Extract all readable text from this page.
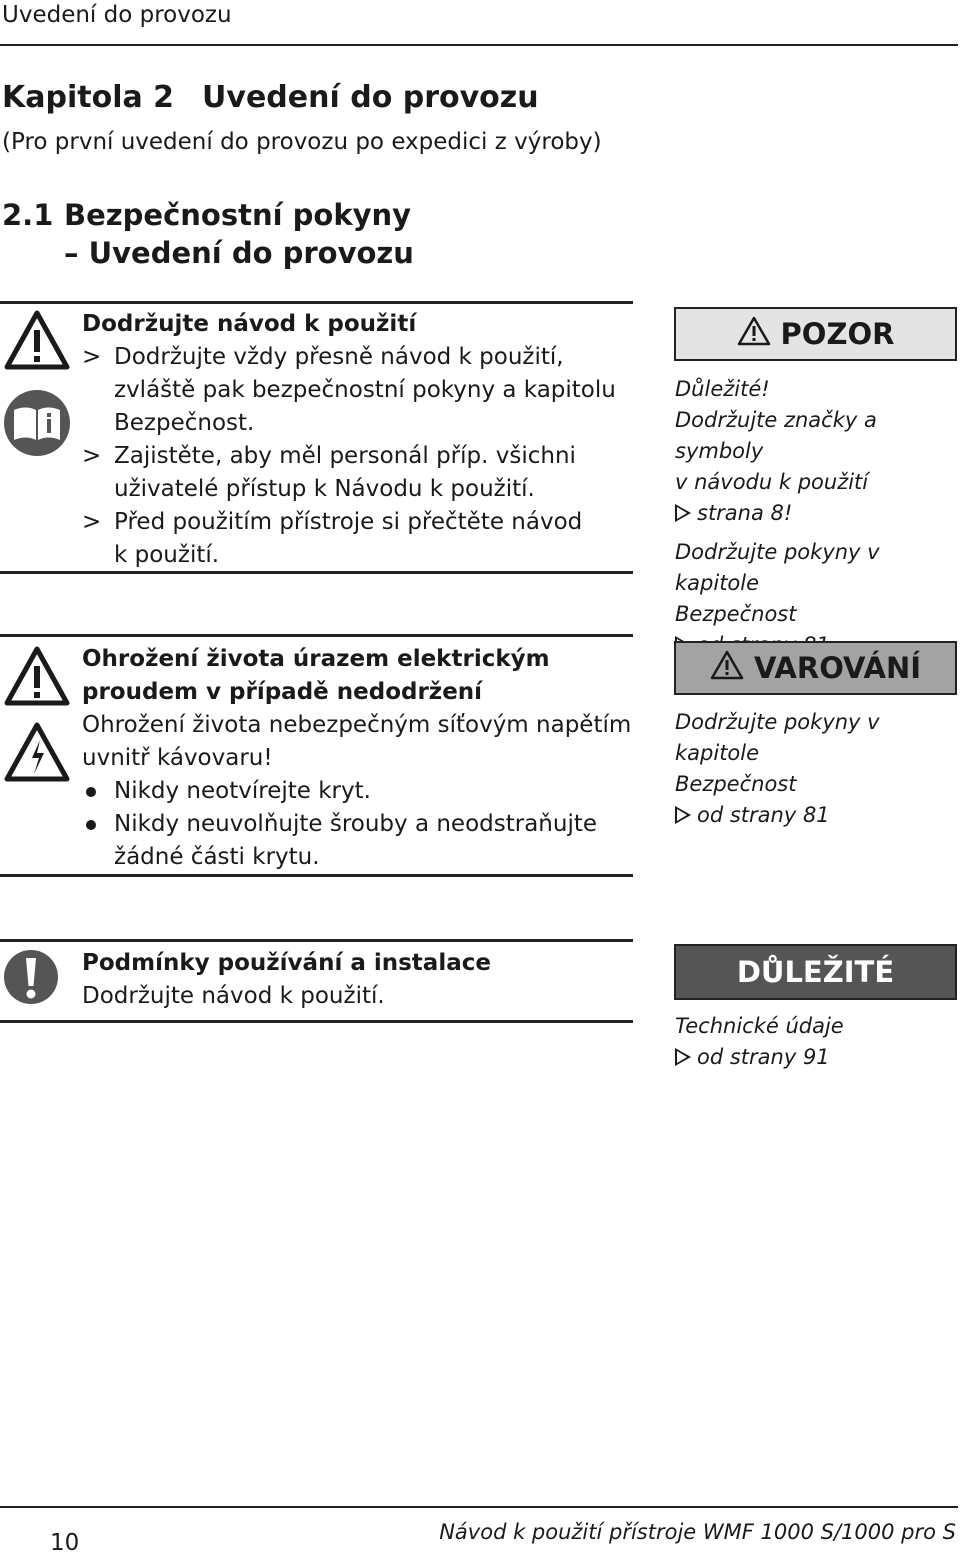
Uvedení do provozu
Kapitola 2 Uvedení do provozu
(Pro první uvedení do provozu po expedici z výroby)
2.1 Bezpečnostní pokyny
– Uvedení do provozu
Dodržujte návod k použití
> Dodržujte vždy přesně návod k použití,
zvláště pak bezpečnostní pokyny a kapitolu
Bezpečnost.
> Zajistěte, aby měl personál příp. všichni
uživatelé přístup k Návodu k použití.
> Před použitím přístroje si přečtěte návod
k použití.
Ohrožení života úrazem elektrickým
proudem v případě nedodržení
Ohrožení života nebezpečným síťovým napětím
uvnitř kávovaru!
Nikdy neotvírejte kryt.
Nikdy neuvolňujte šrouby a neodstraňujte
žádné části krytu.
Podmínky používání a instalace
Dodržujte návod k použití.
POZOR
Důležité!
Dodržujte značky a symboly
v návodu k použití
strana 8!
Dodržujte pokyny v kapitole
Bezpečnost
VAROVÁNÍ
Dodržujte pokyny v kapitole
Bezpečnost
od strany 81
DŮLEŽITÉ
Technické údaje
od strany 91
10	Návod k použití přístroje WMF 1000 S/1000 pro S
